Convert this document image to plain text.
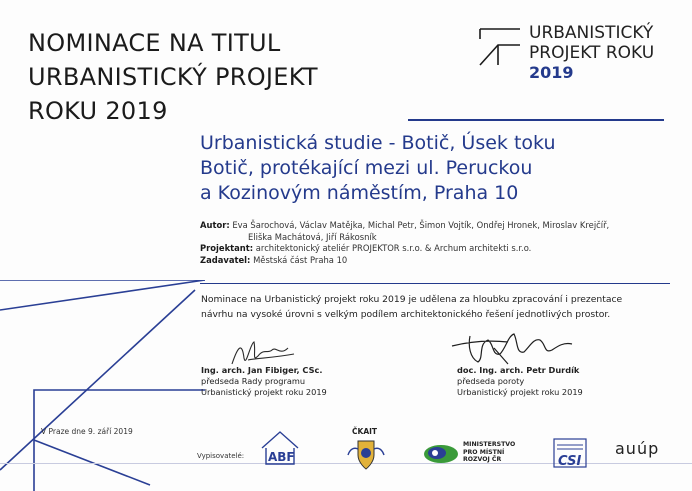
NOMINACE NA TITUL
URBANISTICKÝ PROJEKT
ROKU 2019
URBANISTICKÝ
PROJEKT ROKU
2019
Urbanistická studie - Botič, Úsek toku
Botič, protékající mezi ul. Peruckou
a Kozinovým náměstím, Praha 10
Autor: Eva Šarochová, Václav Matějka, Michal Petr, Šimon Vojtík, Ondřej Hronek, Miroslav Krejčíř,
Eliška Machátová, Jiří Rákosník
Projektant: architektonický ateliér PROJEKTOR s.r.o. & Archum architekti s.r.o.
Zadavatel: Městská část Praha 10
Nominace na Urbanistický projekt roku 2019 je udělena za hloubku zpracování i prezentace
návrhu na vysoké úrovni s velkým podílem architektonického řešení jednotlivých prostor.
Ing. arch. Jan Fibiger, CSc.
předseda Rady programu
Urbanistický projekt roku 2019
doc. Ing. arch. Petr Durdík
předseda poroty
Urbanistický projekt roku 2019
V Praze dne 9. září 2019
Vypisovatelé: ABF
ČKAIT
MINISTERSTVO
PRO MÍSTNÍ
ROZVOJ ČR	CSI
auúp
